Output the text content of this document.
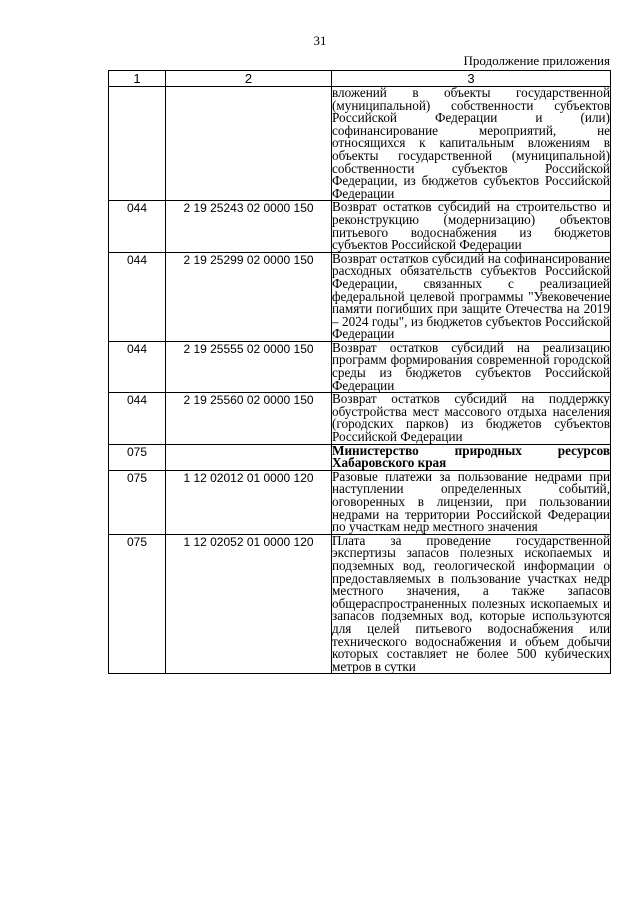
31
Продолжение приложения
1	2	3
		вложений в объекты государственной (муниципальной) собственности субъектов Российской Федерации и (или) софинансирование мероприятий, не относящихся к капитальным вложениям в объекты государственной (муниципальной) собственности субъектов Российской Федерации, из бюджетов субъектов Российской Федерации
044	2 19 25243 02 0000 150	Возврат остатков субсидий на строительство и реконструкцию (модернизацию) объектов питьевого водоснабжения из бюджетов субъектов Российской Федерации
044	2 19 25299 02 0000 150	Возврат остатков субсидий на софинансирование расходных обязательств субъектов Российской Федерации, связанных с реализацией федеральной целевой программы "Увековечение памяти погибших при защите Отечества на 2019 – 2024 годы", из бюджетов субъектов Российской Федерации
044	2 19 25555 02 0000 150	Возврат остатков субсидий на реализацию программ формирования современной городской среды из бюджетов субъектов Российской Федерации
044	2 19 25560 02 0000 150	Возврат остатков субсидий на поддержку обустройства мест массового отдыха населения (городских парков) из бюджетов субъектов Российской Федерации
075		Министерство природных ресурсов Хабаровского края
075	1 12 02012 01 0000 120	Разовые платежи за пользование недрами при наступлении определенных событий, оговоренных в лицензии, при пользовании недрами на территории Российской Федерации по участкам недр местного значения
075	1 12 02052 01 0000 120	Плата за проведение государственной экспертизы запасов полезных ископаемых и подземных вод, геологической информации о предоставляемых в пользование участках недр местного значения, а также запасов общераспространенных полезных ископаемых и запасов подземных вод, которые используются для целей питьевого водоснабжения или технического водоснабжения и объем добычи которых составляет не более 500 кубических метров в сутки
